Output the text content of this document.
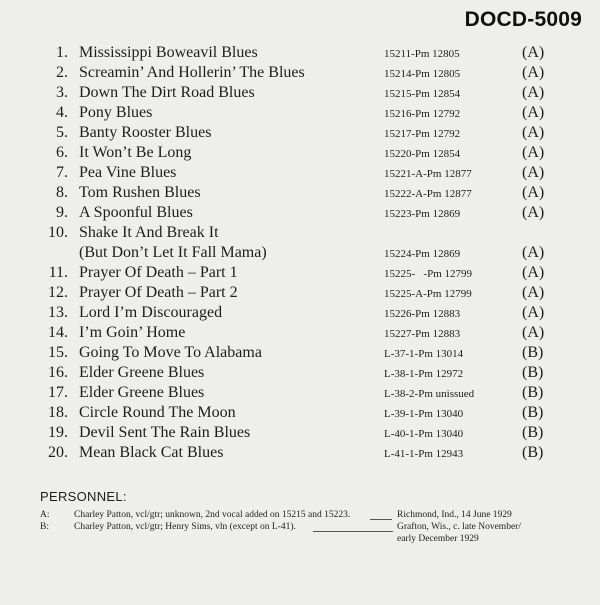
DOCD-5009
1. Mississippi Boweavil Blues	15211-Pm 12805	(A)
2. Screamin’ And Hollerin’ The Blues	15214-Pm 12805	(A)
3. Down The Dirt Road Blues	15215-Pm 12854	(A)
4. Pony Blues	15216-Pm 12792	(A)
5. Banty Rooster Blues	15217-Pm 12792	(A)
6. It Won’t Be Long	15220-Pm 12854	(A)
7. Pea Vine Blues	15221-A-Pm 12877	(A)
8. Tom Rushen Blues	15222-A-Pm 12877	(A)
9. A Spoonful Blues	15223-Pm 12869	(A)
10. Shake It And Break It
(But Don’t Let It Fall Mama)	15224-Pm 12869	(A)
11. Prayer Of Death – Part 1	15225-   -Pm 12799	(A)
12. Prayer Of Death – Part 2	15225-A-Pm 12799	(A)
13. Lord I’m Discouraged	15226-Pm 12883	(A)
14. I’m Goin’ Home	15227-Pm 12883	(A)
15. Going To Move To Alabama	L-37-1-Pm 13014	(B)
16. Elder Greene Blues	L-38-1-Pm 12972	(B)
17. Elder Greene Blues	L-38-2-Pm unissued	(B)
18. Circle Round The Moon	L-39-1-Pm 13040	(B)
19. Devil Sent The Rain Blues	L-40-1-Pm 13040	(B)
20. Mean Black Cat Blues	L-41-1-Pm 12943	(B)
PERSONNEL:
A:	Charley Patton, vcl/gtr; unknown, 2nd vocal added on 15215 and 15223.	Richmond, Ind., 14 June 1929
B:	Charley Patton, vcl/gtr; Henry Sims, vln (except on L-41).	Grafton, Wis., c. late November/
early December 1929
